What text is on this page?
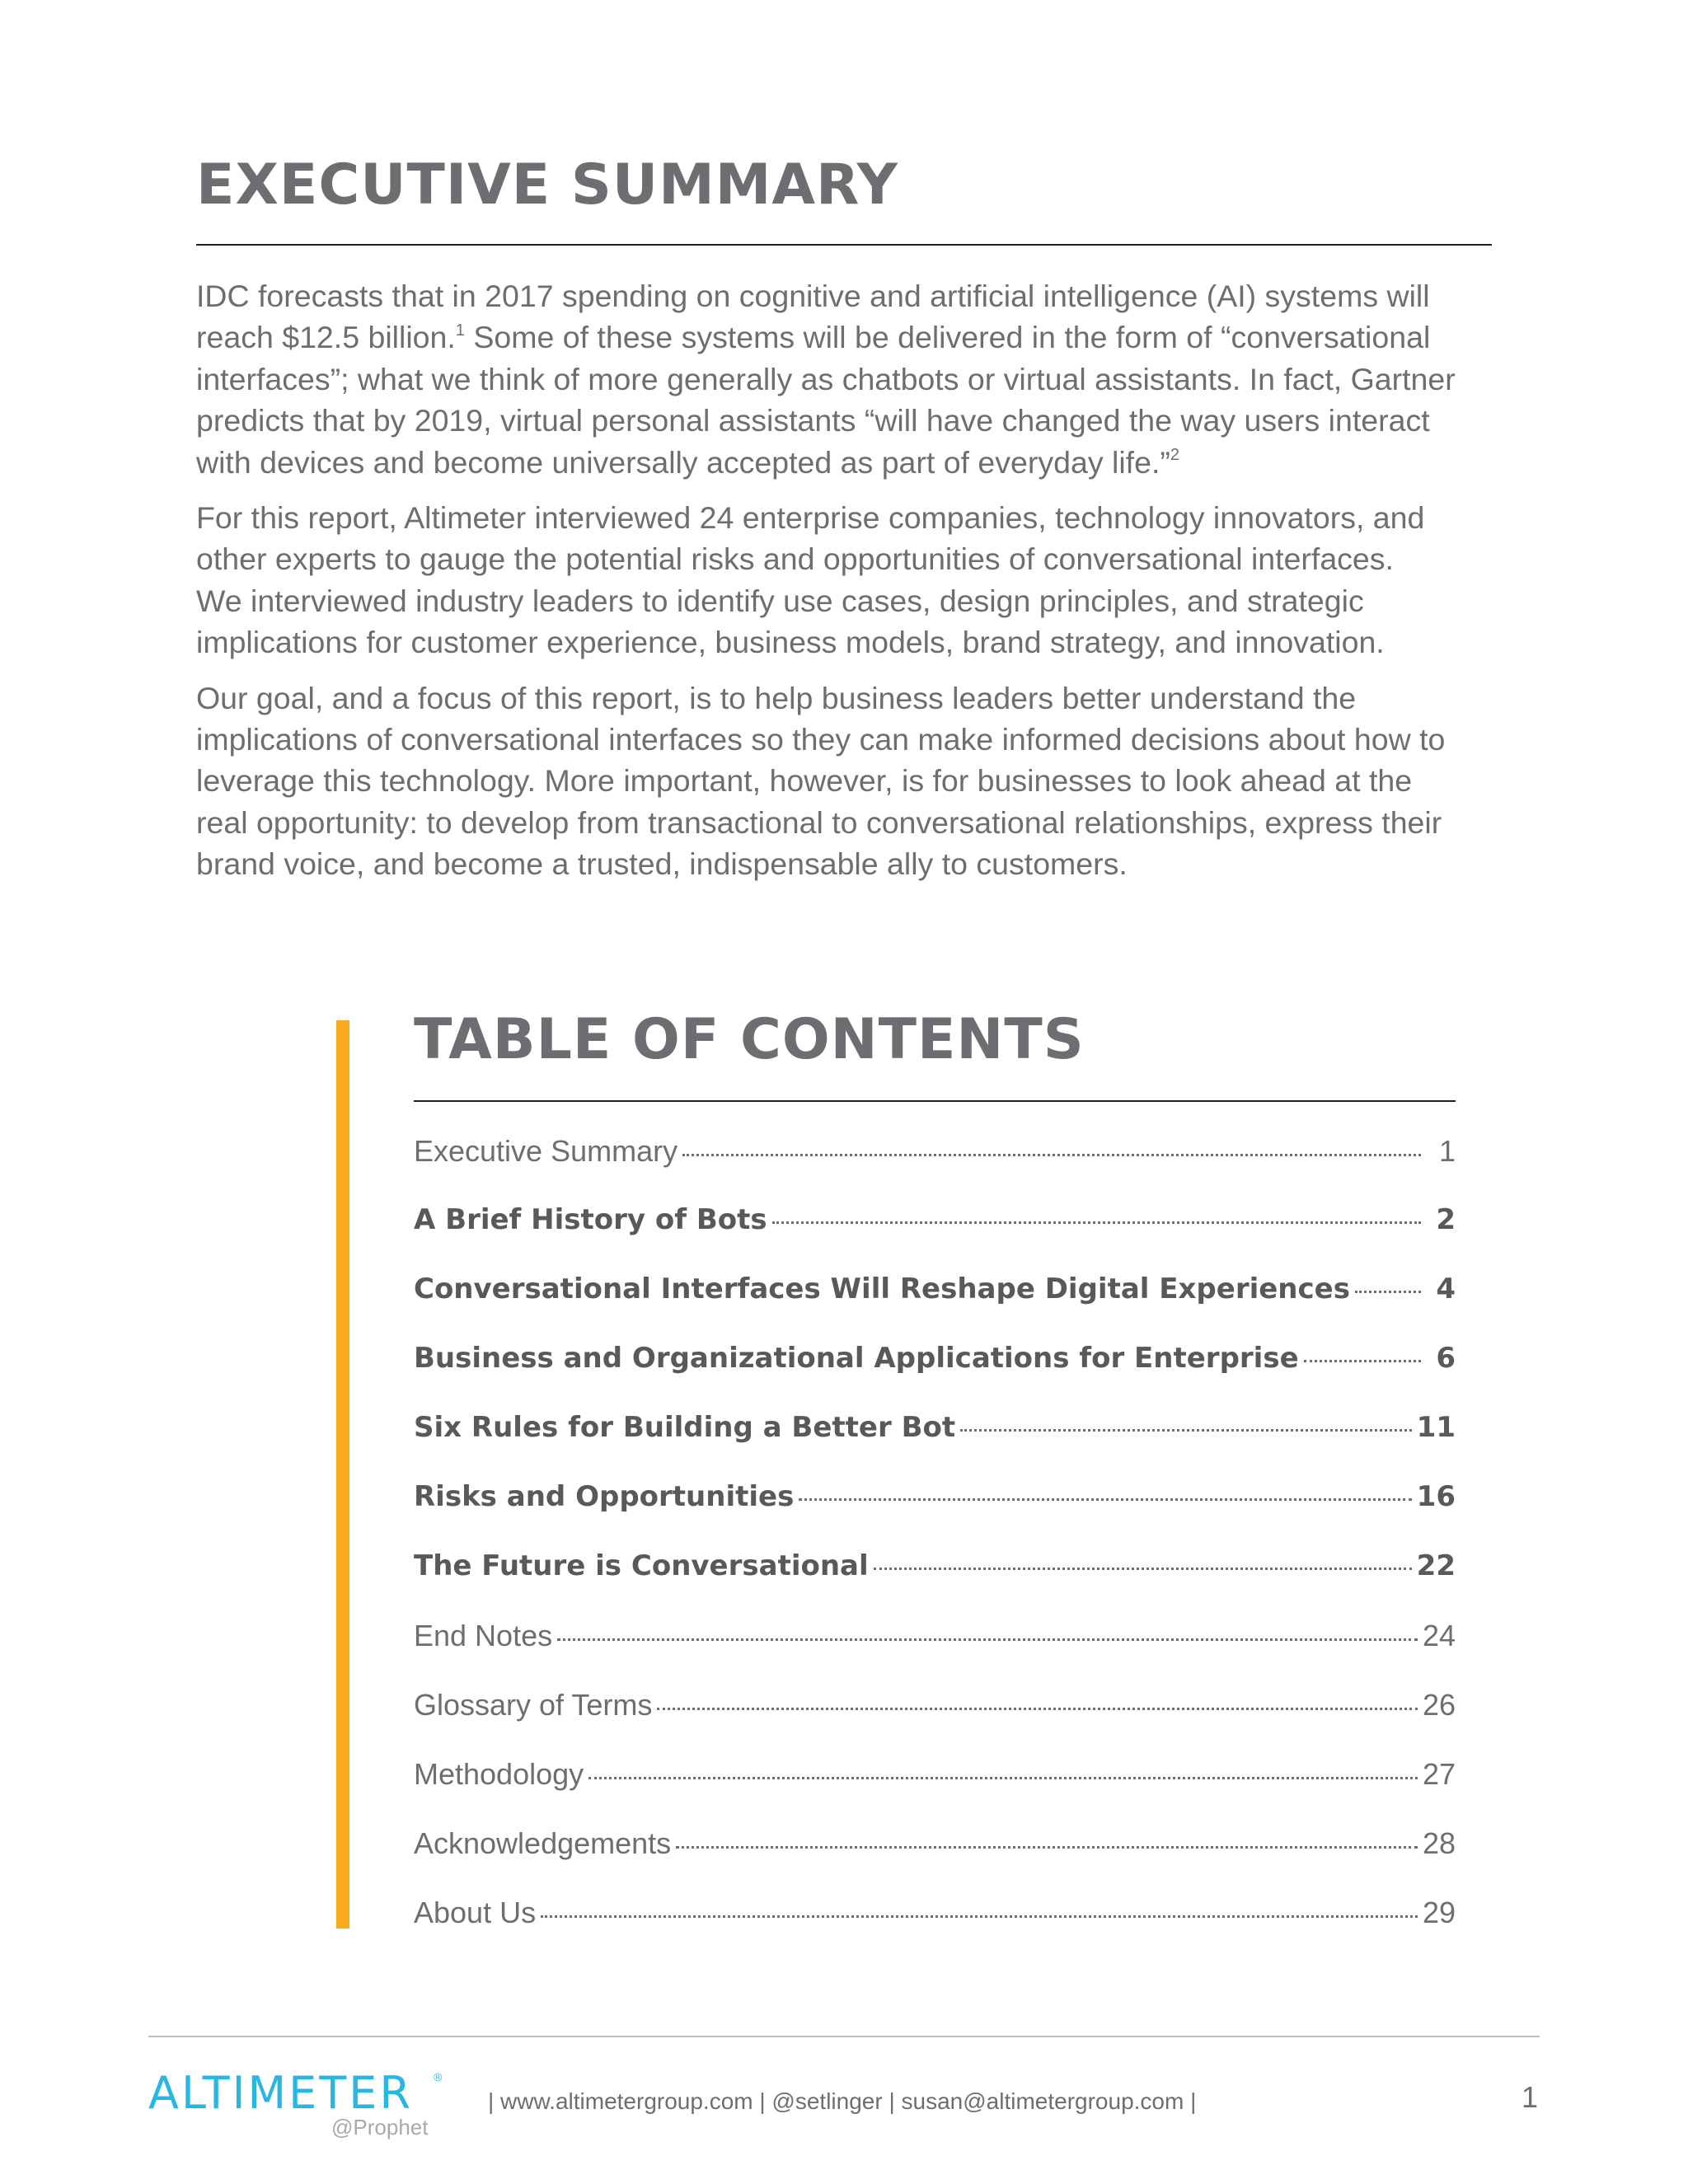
EXECUTIVE SUMMARY

IDC forecasts that in 2017 spending on cognitive and artificial intelligence (AI) systems will
reach $12.5 billion.$^1$ Some of these systems will be delivered in the form of “conversational
interfaces”; what we think of more generally as chatbots or virtual assistants. In fact, Gartner
predicts that by 2019, virtual personal assistants “will have changed the way users interact
with devices and become universally accepted as part of everyday life.”$^2$

For this report, Altimeter interviewed 24 enterprise companies, technology innovators, and
other experts to gauge the potential risks and opportunities of conversational interfaces.
We interviewed industry leaders to identify use cases, design principles, and strategic
implications for customer experience, business models, brand strategy, and innovation.

Our goal, and a focus of this report, is to help business leaders better understand the
implications of conversational interfaces so they can make informed decisions about how to
leverage this technology. More important, however, is for businesses to look ahead at the
real opportunity: to develop from transactional to conversational relationships, express their
brand voice, and become a trusted, indispensable ally to customers.

TABLE OF CONTENTS
Executive Summary	1
A Brief History of Bots	2
Conversational Interfaces Will Reshape Digital Experiences	4
Business and Organizational Applications for Enterprise	6
Six Rules for Building a Better Bot	11
Risks and Opportunities	16
The Future is Conversational	22
End Notes	24
Glossary of Terms	26
Methodology	27
Acknowledgements	28
About Us	29
ALTIMETER ®
@Prophet
| www.altimetergroup.com | @setlinger | susan@altimetergroup.com |	1
